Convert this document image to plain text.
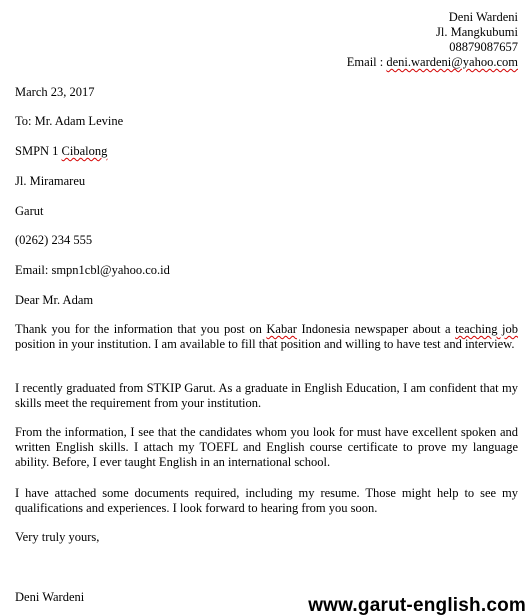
Deni Wardeni
Jl. Mangkubumi
08879087657
Email : deni.wardeni@yahoo.com
March 23, 2017
To: Mr. Adam Levine
SMPN 1 Cibalong
Jl. Miramareu
Garut
(0262) 234 555
Email: smpn1cbl@yahoo.co.id
Dear Mr. Adam
Thank you for the information that you post on Kabar Indonesia newspaper about a teaching job position in your institution. I am available to fill that position and willing to have test and interview.
I recently graduated from STKIP Garut. As a graduate in English Education, I am confident that my skills meet the requirement from your institution.
From the information, I see that the candidates whom you look for must have excellent spoken and written English skills. I attach my TOEFL and English course certificate to prove my language ability. Before, I ever taught English in an international school.
I have attached some documents required, including my resume. Those might help to see my qualifications and experiences. I look forward to hearing from you soon.
Very truly yours,
Deni Wardeni	www.garut-english.com
